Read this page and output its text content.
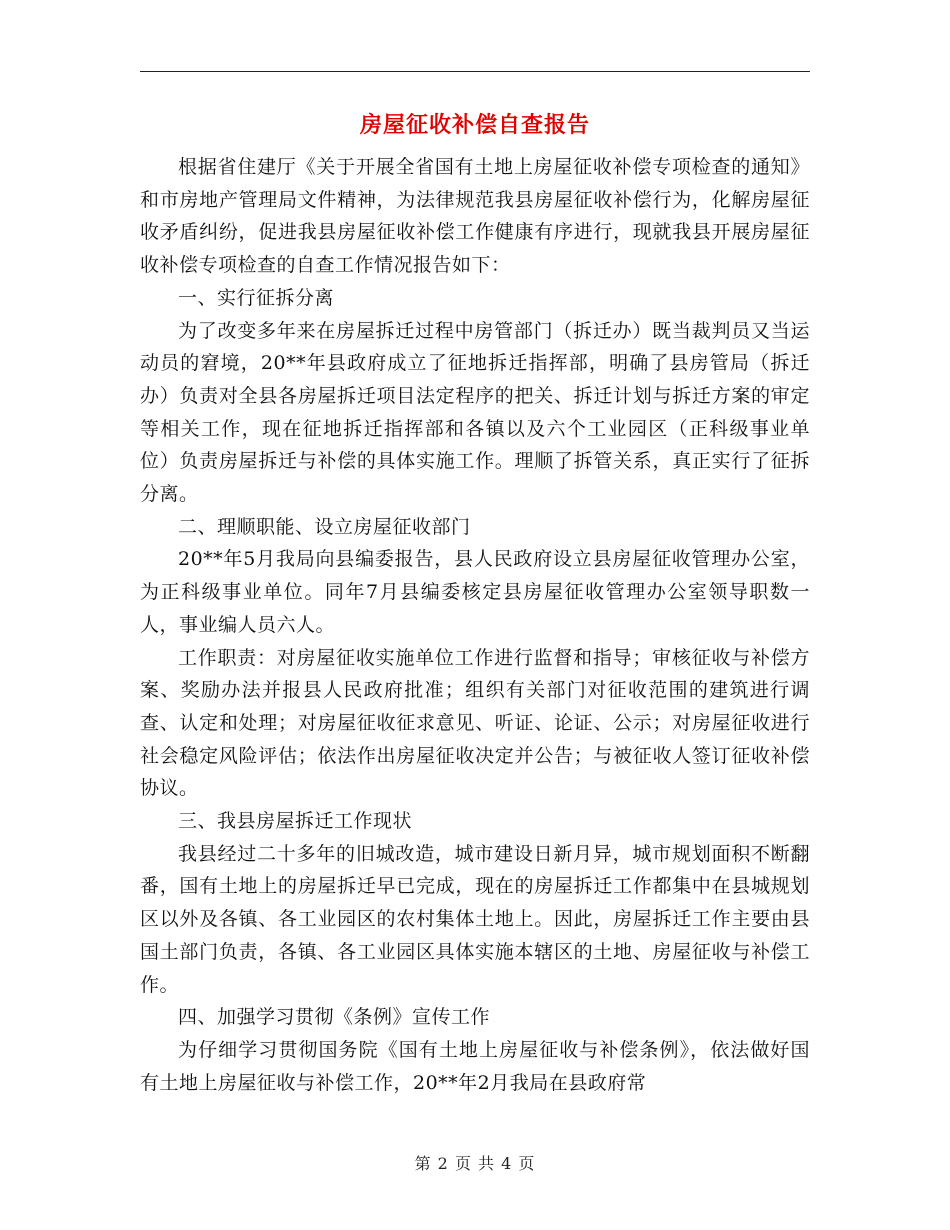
房屋征收补偿自查报告

根据省住建厅《关于开展全省国有土地上房屋征收补偿专项检查的通知》和市房地产管理局文件精神，为法律规范我县房屋征收补偿行为，化解房屋征收矛盾纠纷，促进我县房屋征收补偿工作健康有序进行，现就我县开展房屋征收补偿专项检查的自查工作情况报告如下：

一、实行征拆分离

为了改变多年来在房屋拆迁过程中房管部门（拆迁办）既当裁判员又当运动员的窘境，20**年县政府成立了征地拆迁指挥部，明确了县房管局（拆迁办）负责对全县各房屋拆迁项目法定程序的把关、拆迁计划与拆迁方案的审定等相关工作，现在征地拆迁指挥部和各镇以及六个工业园区（正科级事业单位）负责房屋拆迁与补偿的具体实施工作。理顺了拆管关系，真正实行了征拆分离。

二、理顺职能、设立房屋征收部门

20**年5月我局向县编委报告，县人民政府设立县房屋征收管理办公室，为正科级事业单位。同年7月县编委核定县房屋征收管理办公室领导职数一人，事业编人员六人。

工作职责：对房屋征收实施单位工作进行监督和指导；审核征收与补偿方案、奖励办法并报县人民政府批准；组织有关部门对征收范围的建筑进行调查、认定和处理；对房屋征收征求意见、听证、论证、公示；对房屋征收进行社会稳定风险评估；依法作出房屋征收决定并公告；与被征收人签订征收补偿协议。

三、我县房屋拆迁工作现状

我县经过二十多年的旧城改造，城市建设日新月异，城市规划面积不断翻番，国有土地上的房屋拆迁早已完成，现在的房屋拆迁工作都集中在县城规划区以外及各镇、各工业园区的农村集体土地上。因此，房屋拆迁工作主要由县国土部门负责，各镇、各工业园区具体实施本辖区的土地、房屋征收与补偿工作。

四、加强学习贯彻《条例》宣传工作

为仔细学习贯彻国务院《国有土地上房屋征收与补偿条例》，依法做好国有土地上房屋征收与补偿工作，20**年2月我局在县政府常

第 2 页 共 4 页
